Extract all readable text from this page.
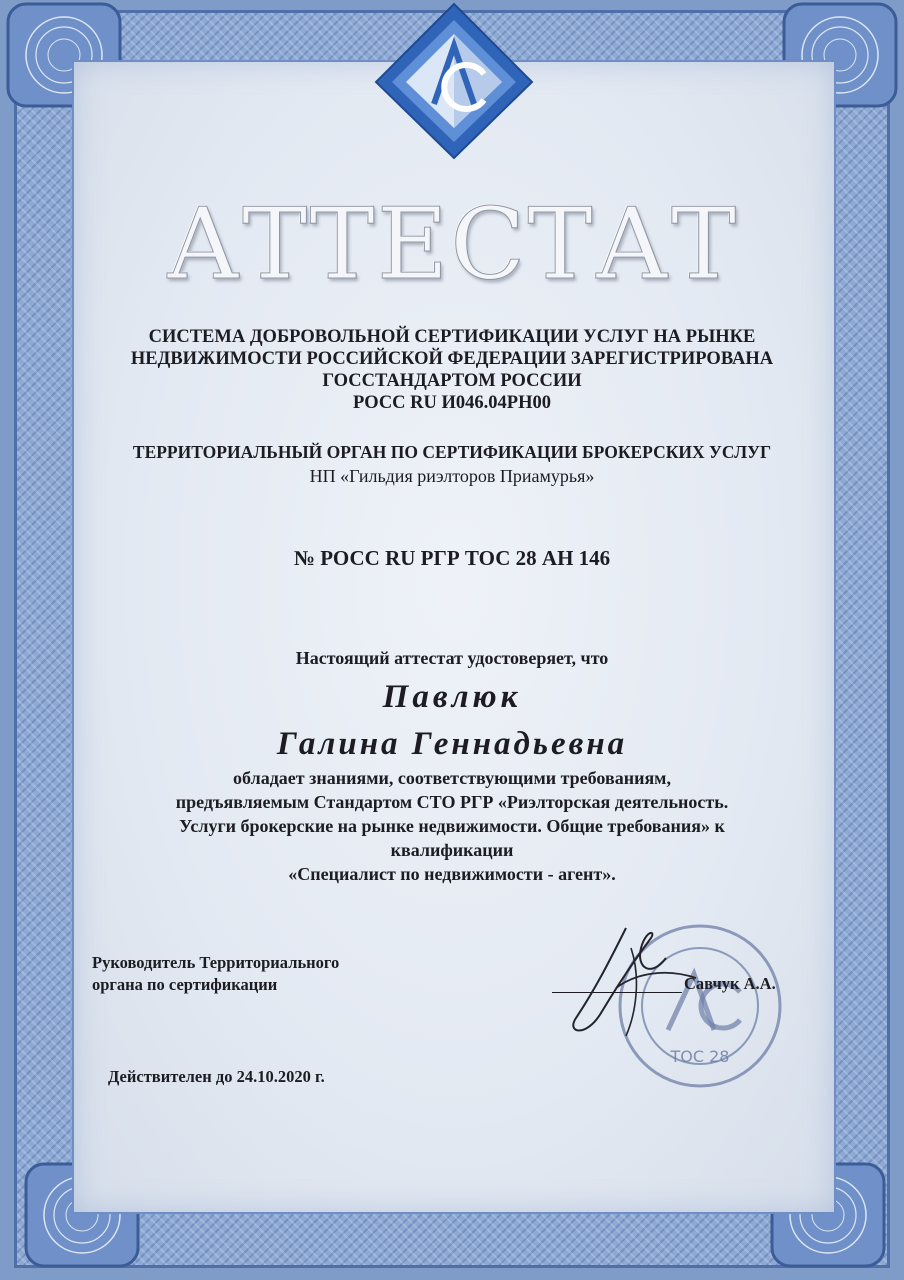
АТТЕСТАТ
СИСТЕМА ДОБРОВОЛЬНОЙ СЕРТИФИКАЦИИ УСЛУГ НА РЫНКЕ
НЕДВИЖИМОСТИ РОССИЙСКОЙ ФЕДЕРАЦИИ ЗАРЕГИСТРИРОВАНА
ГОССТАНДАРТОМ РОССИИ
РОСС RU И046.04РН00
ТЕРРИТОРИАЛЬНЫЙ ОРГАН ПО СЕРТИФИКАЦИИ БРОКЕРСКИХ УСЛУГ
НП «Гильдия риэлторов Приамурья»
№ РОСС RU РГР ТОС 28 АН 146
Настоящий аттестат удостоверяет, что
Павлюк
Галина Геннадьевна
обладает знаниями, соответствующими требованиям,
предъявляемым Стандартом СТО РГР «Риэлторская деятельность.
Услуги брокерские на рынке недвижимости. Общие требования» к
квалификации
«Специалист по недвижимости - агент».
Руководитель Территориального
органа по сертификации
ТОС 28
Савчук А.А.
Действителен до 24.10.2020 г.
